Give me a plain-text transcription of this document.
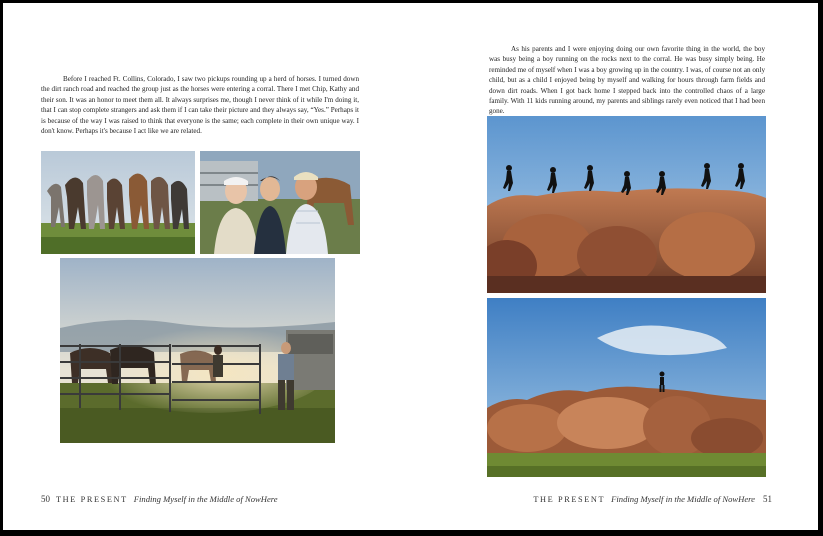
Before I reached Ft. Collins, Colorado, I saw two pickups rounding up a herd of horses. I turned down the dirt ranch road and reached the group just as the horses were entering a corral. There I met Chip, Kathy and their son. It was an honor to meet them all. It always surprises me, though I never think of it while I'm doing it, that I can stop complete strangers and ask them if I can take their picture and they always say, “Yes.” Perhaps it is because of the way I was raised to think that everyone is the same; each complete in their own unique way. I don't know. Perhaps it's because I act like we are related.

50 THE PRESENT Finding Myself in the Middle of NowHere

As his parents and I were enjoying doing our own favorite thing in the world, the boy was busy being a boy running on the rocks next to the corral. He was busy simply being. He reminded me of myself when I was a boy growing up in the country. I was, of course not an only child, but as a child I enjoyed being by myself and walking for hours through farm fields and down dirt roads. When I got back home I stepped back into the controlled chaos of a large family. With 11 kids running around, my parents and siblings rarely even noticed that I had been gone.

THE PRESENT Finding Myself in the Middle of NowHere 51
